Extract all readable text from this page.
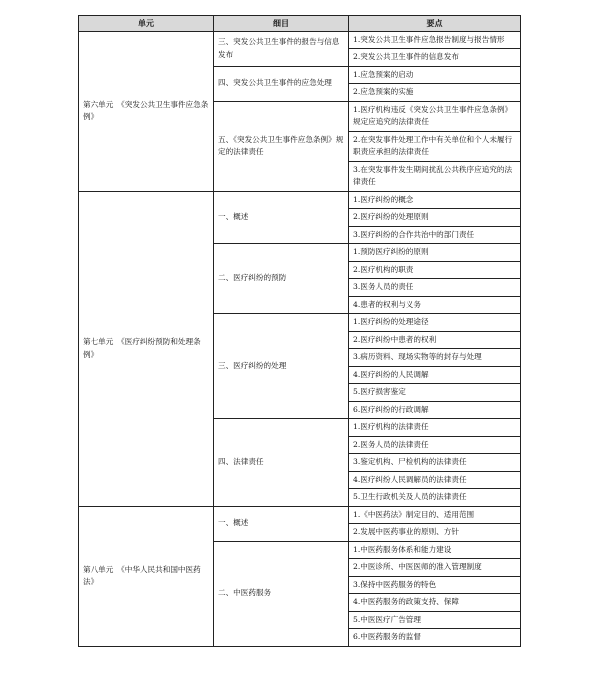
单元	细目	要点
第六单元　《突发公共卫生事件应急条例》	三、突发公共卫生事件的报告与信息发布	1.突发公共卫生事件应急报告制度与报告情形
		2.突发公共卫生事件的信息发布
	四、突发公共卫生事件的应急处理	1.应急预案的启动
		2.应急预案的实施
	五、《突发公共卫生事件应急条例》规定的法律责任	1.医疗机构违反《突发公共卫生事件应急条例》规定应追究的法律责任
		2.在突发事件处理工作中有关单位和个人未履行职责应承担的法律责任
		3.在突发事件发生期间扰乱公共秩序应追究的法律责任
第七单元　《医疗纠纷预防和处理条例》	一、概述	1.医疗纠纷的概念
		2.医疗纠纷的处理原则
		3.医疗纠纷的合作共治中的部门责任
	二、医疗纠纷的预防	1.预防医疗纠纷的原则
		2.医疗机构的职责
		3.医务人员的责任
		4.患者的权利与义务
	三、医疗纠纷的处理	1.医疗纠纷的处理途径
		2.医疗纠纷中患者的权利
		3.病历资料、现场实物等的封存与处理
		4.医疗纠纷的人民调解
		5.医疗损害鉴定
		6.医疗纠纷的行政调解
	四、法律责任	1.医疗机构的法律责任
		2.医务人员的法律责任
		3.鉴定机构、尸检机构的法律责任
		4.医疗纠纷人民调解员的法律责任
		5.卫生行政机关及人员的法律责任
第八单元　《中华人民共和国中医药法》	一、概述	1.《中医药法》制定目的、适用范围
		2.发展中医药事业的原则、方针
	二、中医药服务	1.中医药服务体系和能力建设
		2.中医诊所、中医医师的准入管理制度
		3.保持中医药服务的特色
		4.中医药服务的政策支持、保障
		5.中医医疗广告管理
		6.中医药服务的监督
